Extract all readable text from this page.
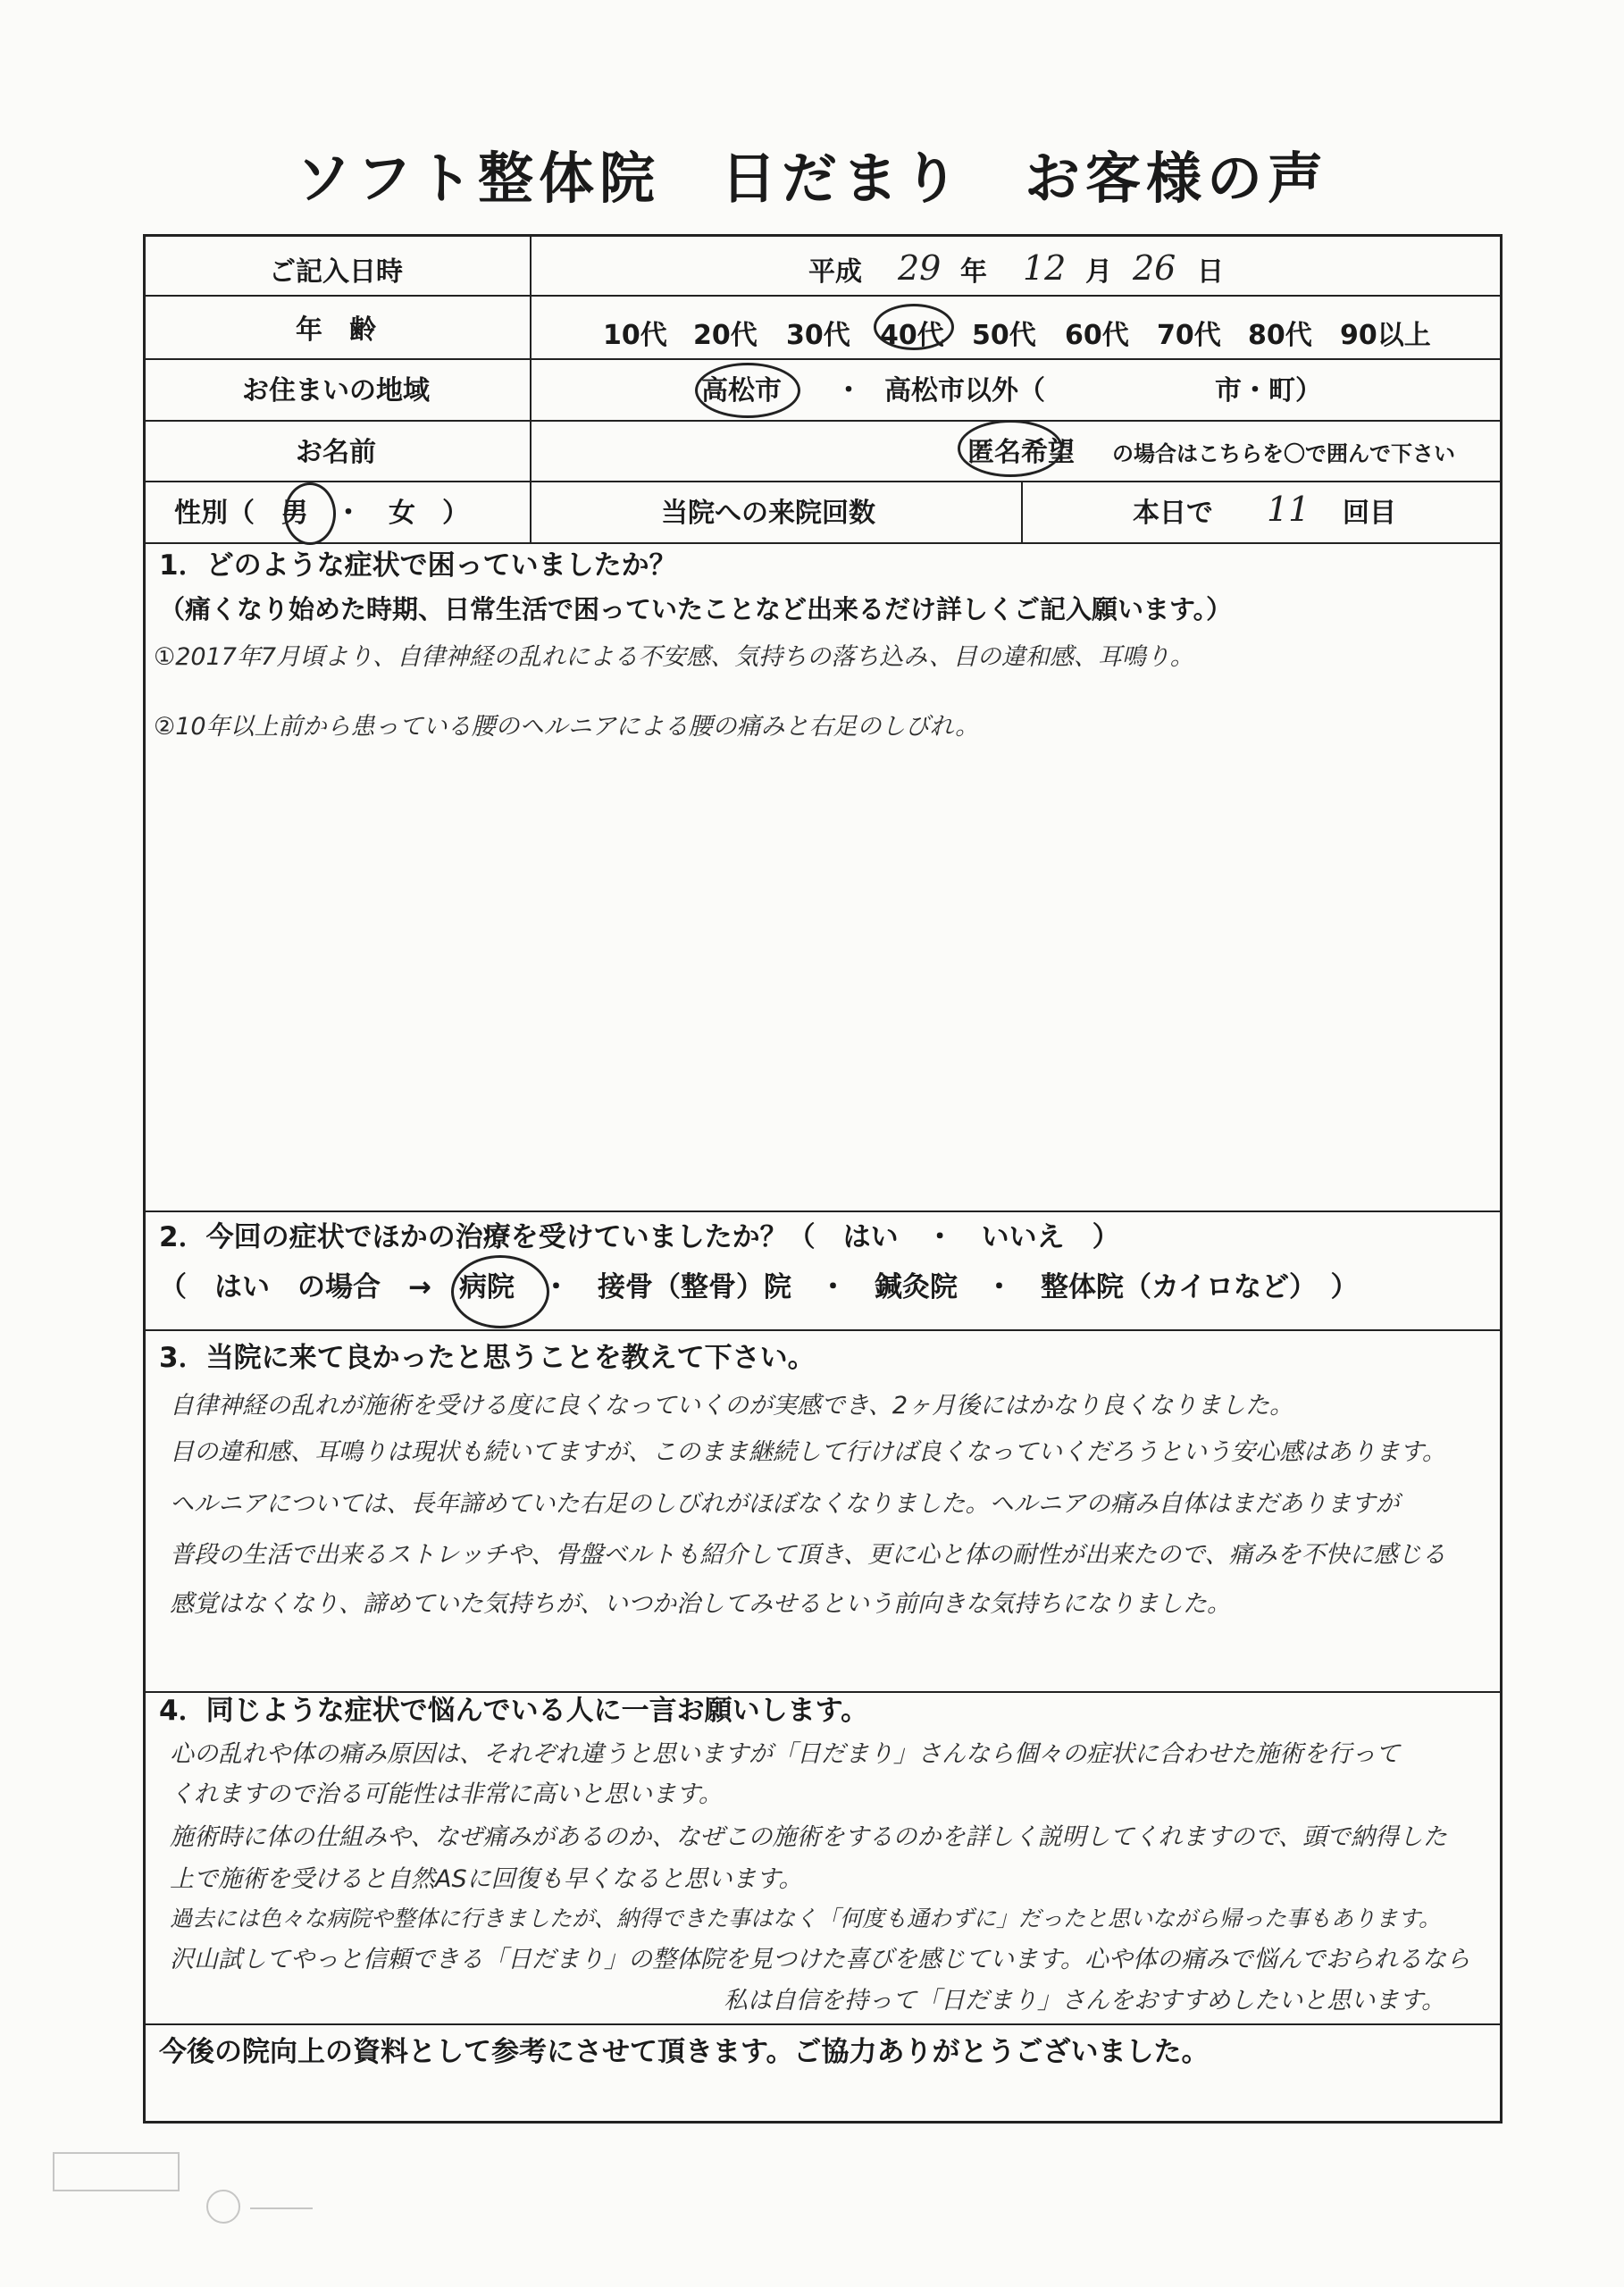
ソフト整体院　日だまり　お客様の声
ご記入日時	平成 29 年 12 月 26 日
年　齢	10代 20代 30代 40代 50代 60代 70代 80代 90以上
お住まいの地域	高松市 ・ 高松市以外（	市・町）
お名前	匿名希望 の場合はこちらを〇で囲んで下さい
性別（　男　・　女　）	当院への来院回数	本日で 11 回目
1．どのような症状で困っていましたか？
（痛くなり始めた時期、日常生活で困っていたことなど出来るだけ詳しくご記入願います。）
①2017年7月頃より、自律神経の乱れによる不安感、気持ちの落ち込み、目の違和感、耳鳴り。
②10年以上前から患っている腰のヘルニアによる腰の痛みと右足のしびれ。
2．今回の症状でほかの治療を受けていましたか？（　はい　・　いいえ　）
（　はい　の場合　→　病院　・　接骨（整骨）院　・　鍼灸院　・　整体院（カイロなど）　）
3．当院に来て良かったと思うことを教えて下さい。
自律神経の乱れが施術を受ける度に良くなっていくのが実感でき、2ヶ月後にはかなり良くなりました。
目の違和感、耳鳴りは現状も続いてますが、このまま継続して行けば良くなっていくだろうという安心感はあります。
ヘルニアについては、長年諦めていた右足のしびれがほぼなくなりました。ヘルニアの痛み自体はまだありますが
普段の生活で出来るストレッチや、骨盤ベルトも紹介して頂き、更に心と体の耐性が出来たので、痛みを不快に感じる
感覚はなくなり、諦めていた気持ちが、いつか治してみせるという前向きな気持ちになりました。
4．同じような症状で悩んでいる人に一言お願いします。
心の乱れや体の痛み原因は、それぞれ違うと思いますが「日だまり」さんなら個々の症状に合わせた施術を行って
くれますので治る可能性は非常に高いと思います。
施術時に体の仕組みや、なぜ痛みがあるのか、なぜこの施術をするのかを詳しく説明してくれますので、頭で納得した
上で施術を受けると自然ASに回復も早くなると思います。
過去には色々な病院や整体に行きましたが、納得できた事はなく「何度も通わずに」だったと思いながら帰った事もあります。
沢山試してやっと信頼できる「日だまり」の整体院を見つけた喜びを感じています。心や体の痛みで悩んでおられるなら
私は自信を持って「日だまり」さんをおすすめしたいと思います。
今後の院向上の資料として参考にさせて頂きます。ご協力ありがとうございました。
